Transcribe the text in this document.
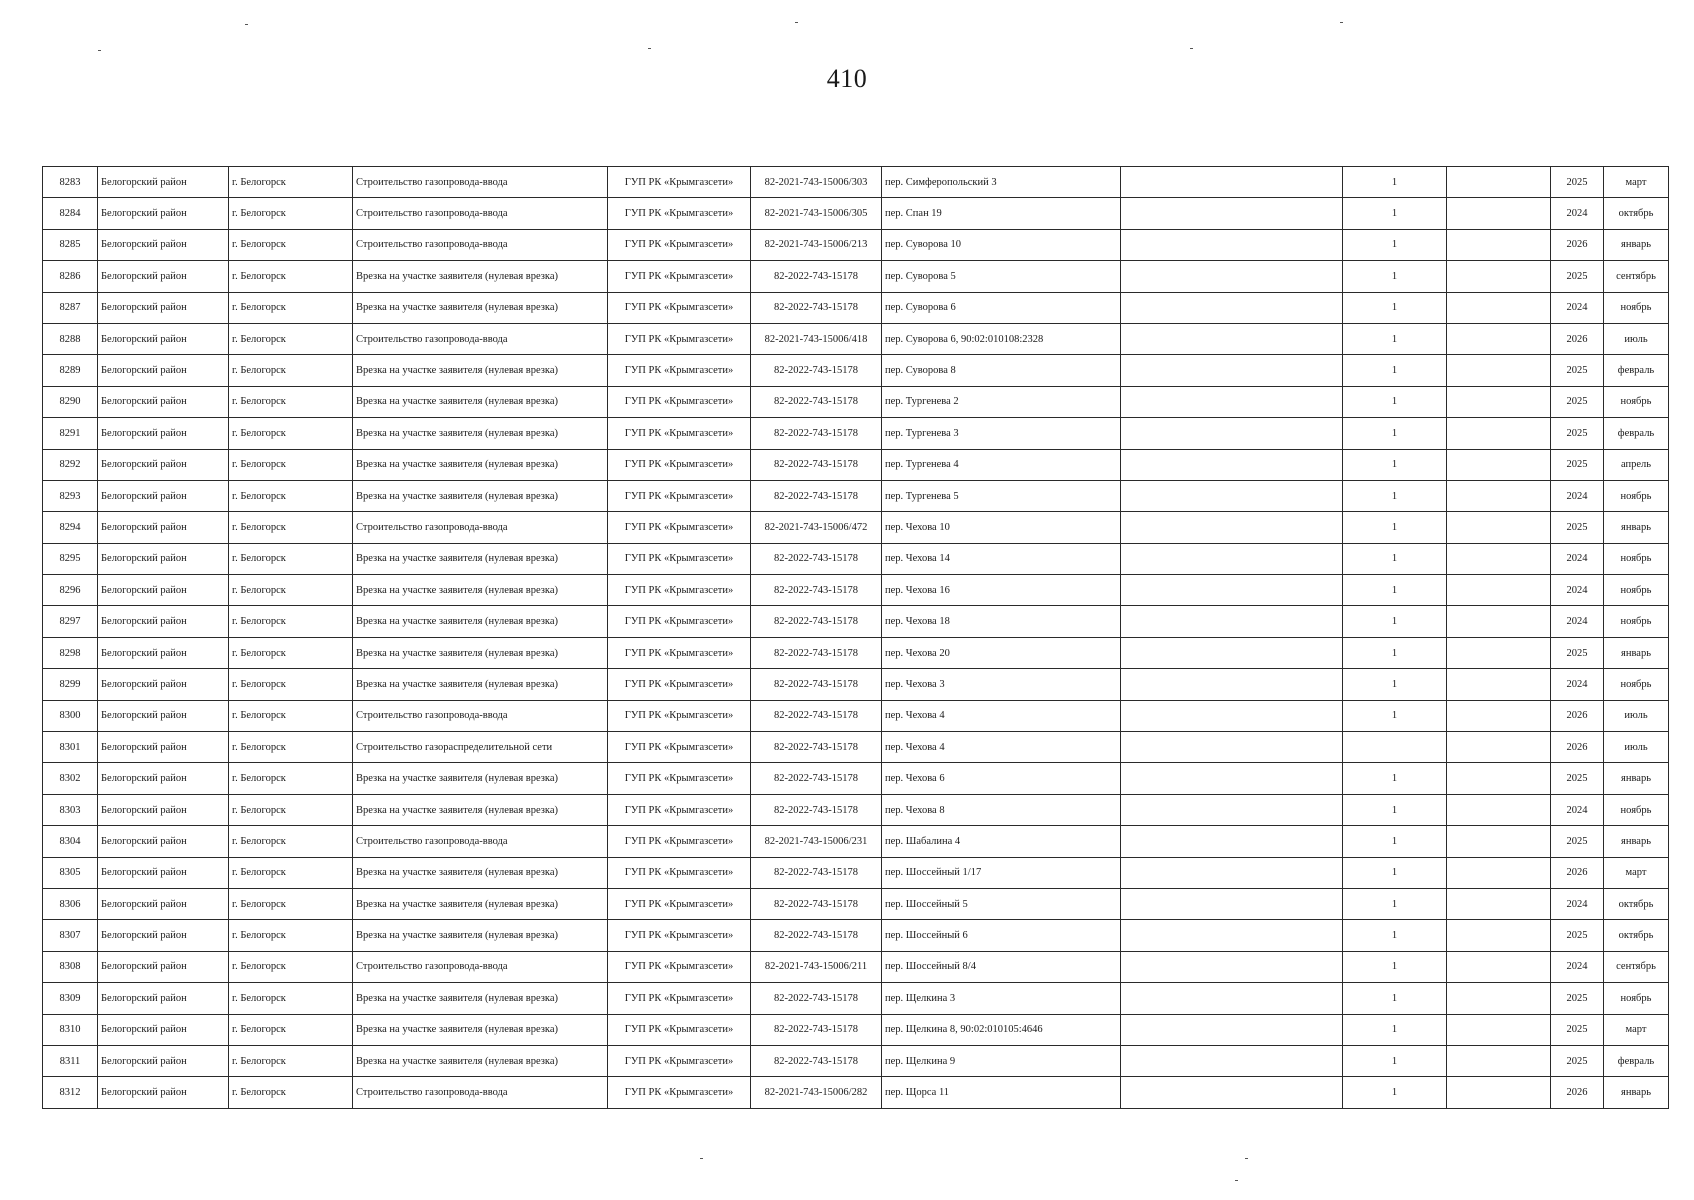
410
8283	Белогорский район	г. Белогорск	Строительство газопровода-ввода	ГУП РК «Крымгазсети»	82-2021-743-15006/303	пер. Симферопольский 3		1		2025	март
8284	Белогорский район	г. Белогорск	Строительство газопровода-ввода	ГУП РК «Крымгазсети»	82-2021-743-15006/305	пер. Спан 19		1		2024	октябрь
8285	Белогорский район	г. Белогорск	Строительство газопровода-ввода	ГУП РК «Крымгазсети»	82-2021-743-15006/213	пер. Суворова 10		1		2026	январь
8286	Белогорский район	г. Белогорск	Врезка на участке заявителя (нулевая врезка)	ГУП РК «Крымгазсети»	82-2022-743-15178	пер. Суворова 5		1		2025	сентябрь
8287	Белогорский район	г. Белогорск	Врезка на участке заявителя (нулевая врезка)	ГУП РК «Крымгазсети»	82-2022-743-15178	пер. Суворова 6		1		2024	ноябрь
8288	Белогорский район	г. Белогорск	Строительство газопровода-ввода	ГУП РК «Крымгазсети»	82-2021-743-15006/418	пер. Суворова 6, 90:02:010108:2328		1		2026	июль
8289	Белогорский район	г. Белогорск	Врезка на участке заявителя (нулевая врезка)	ГУП РК «Крымгазсети»	82-2022-743-15178	пер. Суворова 8		1		2025	февраль
8290	Белогорский район	г. Белогорск	Врезка на участке заявителя (нулевая врезка)	ГУП РК «Крымгазсети»	82-2022-743-15178	пер. Тургенева 2		1		2025	ноябрь
8291	Белогорский район	г. Белогорск	Врезка на участке заявителя (нулевая врезка)	ГУП РК «Крымгазсети»	82-2022-743-15178	пер. Тургенева 3		1		2025	февраль
8292	Белогорский район	г. Белогорск	Врезка на участке заявителя (нулевая врезка)	ГУП РК «Крымгазсети»	82-2022-743-15178	пер. Тургенева 4		1		2025	апрель
8293	Белогорский район	г. Белогорск	Врезка на участке заявителя (нулевая врезка)	ГУП РК «Крымгазсети»	82-2022-743-15178	пер. Тургенева 5		1		2024	ноябрь
8294	Белогорский район	г. Белогорск	Строительство газопровода-ввода	ГУП РК «Крымгазсети»	82-2021-743-15006/472	пер. Чехова 10		1		2025	январь
8295	Белогорский район	г. Белогорск	Врезка на участке заявителя (нулевая врезка)	ГУП РК «Крымгазсети»	82-2022-743-15178	пер. Чехова 14		1		2024	ноябрь
8296	Белогорский район	г. Белогорск	Врезка на участке заявителя (нулевая врезка)	ГУП РК «Крымгазсети»	82-2022-743-15178	пер. Чехова 16		1		2024	ноябрь
8297	Белогорский район	г. Белогорск	Врезка на участке заявителя (нулевая врезка)	ГУП РК «Крымгазсети»	82-2022-743-15178	пер. Чехова 18		1		2024	ноябрь
8298	Белогорский район	г. Белогорск	Врезка на участке заявителя (нулевая врезка)	ГУП РК «Крымгазсети»	82-2022-743-15178	пер. Чехова 20		1		2025	январь
8299	Белогорский район	г. Белогорск	Врезка на участке заявителя (нулевая врезка)	ГУП РК «Крымгазсети»	82-2022-743-15178	пер. Чехова 3		1		2024	ноябрь
8300	Белогорский район	г. Белогорск	Строительство газопровода-ввода	ГУП РК «Крымгазсети»	82-2022-743-15178	пер. Чехова 4		1		2026	июль
8301	Белогорский район	г. Белогорск	Строительство газораспределительной сети	ГУП РК «Крымгазсети»	82-2022-743-15178	пер. Чехова 4				2026	июль
8302	Белогорский район	г. Белогорск	Врезка на участке заявителя (нулевая врезка)	ГУП РК «Крымгазсети»	82-2022-743-15178	пер. Чехова 6		1		2025	январь
8303	Белогорский район	г. Белогорск	Врезка на участке заявителя (нулевая врезка)	ГУП РК «Крымгазсети»	82-2022-743-15178	пер. Чехова 8		1		2024	ноябрь
8304	Белогорский район	г. Белогорск	Строительство газопровода-ввода	ГУП РК «Крымгазсети»	82-2021-743-15006/231	пер. Шабалина 4		1		2025	январь
8305	Белогорский район	г. Белогорск	Врезка на участке заявителя (нулевая врезка)	ГУП РК «Крымгазсети»	82-2022-743-15178	пер. Шоссейный 1/17		1		2026	март
8306	Белогорский район	г. Белогорск	Врезка на участке заявителя (нулевая врезка)	ГУП РК «Крымгазсети»	82-2022-743-15178	пер. Шоссейный 5		1		2024	октябрь
8307	Белогорский район	г. Белогорск	Врезка на участке заявителя (нулевая врезка)	ГУП РК «Крымгазсети»	82-2022-743-15178	пер. Шоссейный 6		1		2025	октябрь
8308	Белогорский район	г. Белогорск	Строительство газопровода-ввода	ГУП РК «Крымгазсети»	82-2021-743-15006/211	пер. Шоссейный 8/4		1		2024	сентябрь
8309	Белогорский район	г. Белогорск	Врезка на участке заявителя (нулевая врезка)	ГУП РК «Крымгазсети»	82-2022-743-15178	пер. Щелкина 3		1		2025	ноябрь
8310	Белогорский район	г. Белогорск	Врезка на участке заявителя (нулевая врезка)	ГУП РК «Крымгазсети»	82-2022-743-15178	пер. Щелкина 8, 90:02:010105:4646		1		2025	март
8311	Белогорский район	г. Белогорск	Врезка на участке заявителя (нулевая врезка)	ГУП РК «Крымгазсети»	82-2022-743-15178	пер. Щелкина 9		1		2025	февраль
8312	Белогорский район	г. Белогорск	Строительство газопровода-ввода	ГУП РК «Крымгазсети»	82-2021-743-15006/282	пер. Щорса 11		1		2026	январь
